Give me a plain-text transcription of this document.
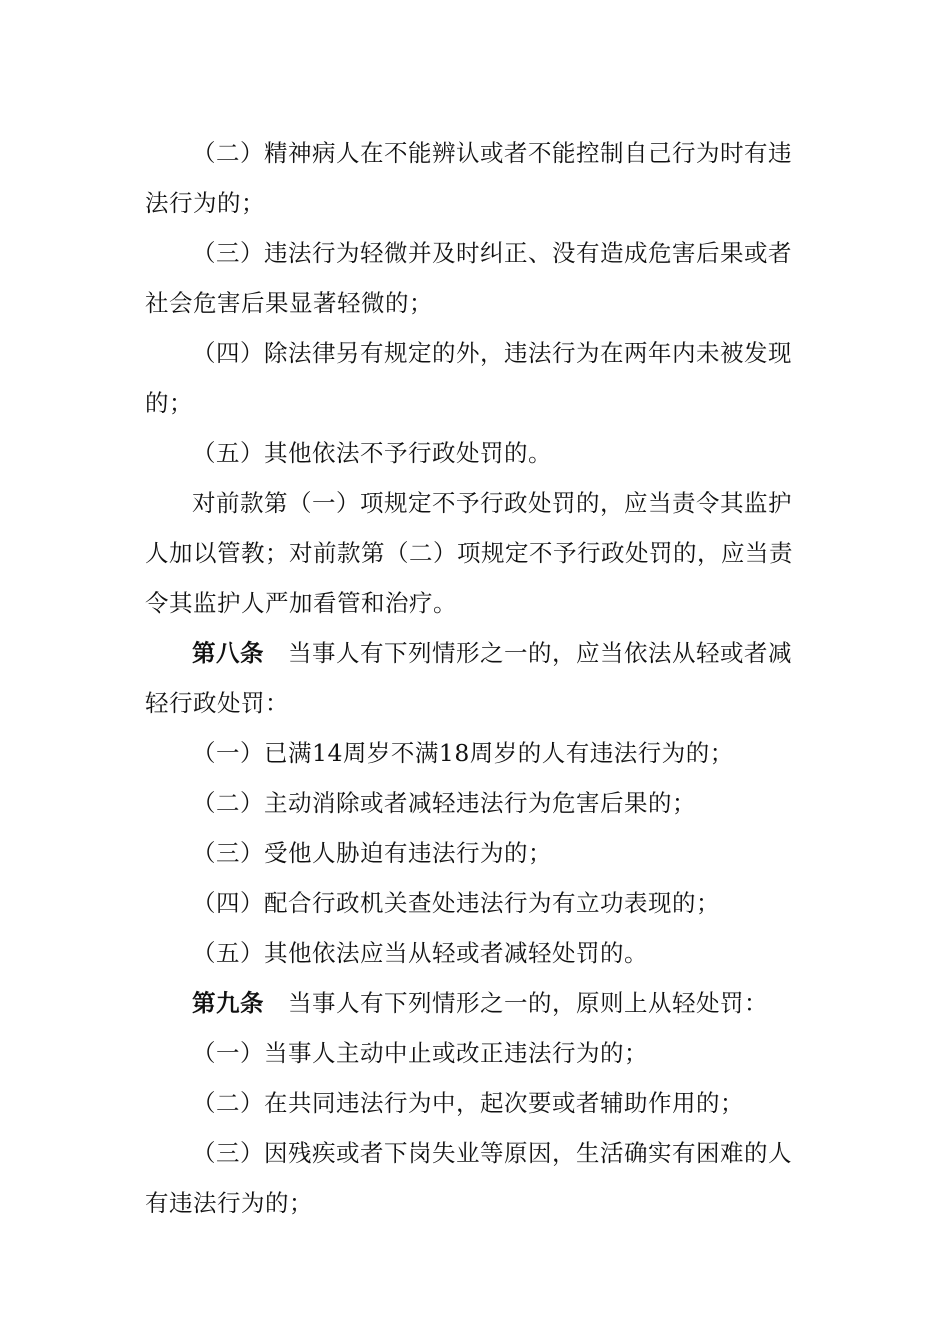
（二）精神病人在不能辨认或者不能控制自己行为时有违法行为的；

（三）违法行为轻微并及时纠正、没有造成危害后果或者社会危害后果显著轻微的；

（四）除法律另有规定的外，违法行为在两年内未被发现的；

（五）其他依法不予行政处罚的。

对前款第（一）项规定不予行政处罚的，应当责令其监护人加以管教；对前款第（二）项规定不予行政处罚的，应当责令其监护人严加看管和治疗。

第八条 当事人有下列情形之一的，应当依法从轻或者减轻行政处罚：

（一）已满14周岁不满18周岁的人有违法行为的；

（二）主动消除或者减轻违法行为危害后果的；

（三）受他人胁迫有违法行为的；

（四）配合行政机关查处违法行为有立功表现的；

（五）其他依法应当从轻或者减轻处罚的。

第九条 当事人有下列情形之一的，原则上从轻处罚：

（一）当事人主动中止或改正违法行为的；

（二）在共同违法行为中，起次要或者辅助作用的；

（三）因残疾或者下岗失业等原因，生活确实有困难的人有违法行为的；
